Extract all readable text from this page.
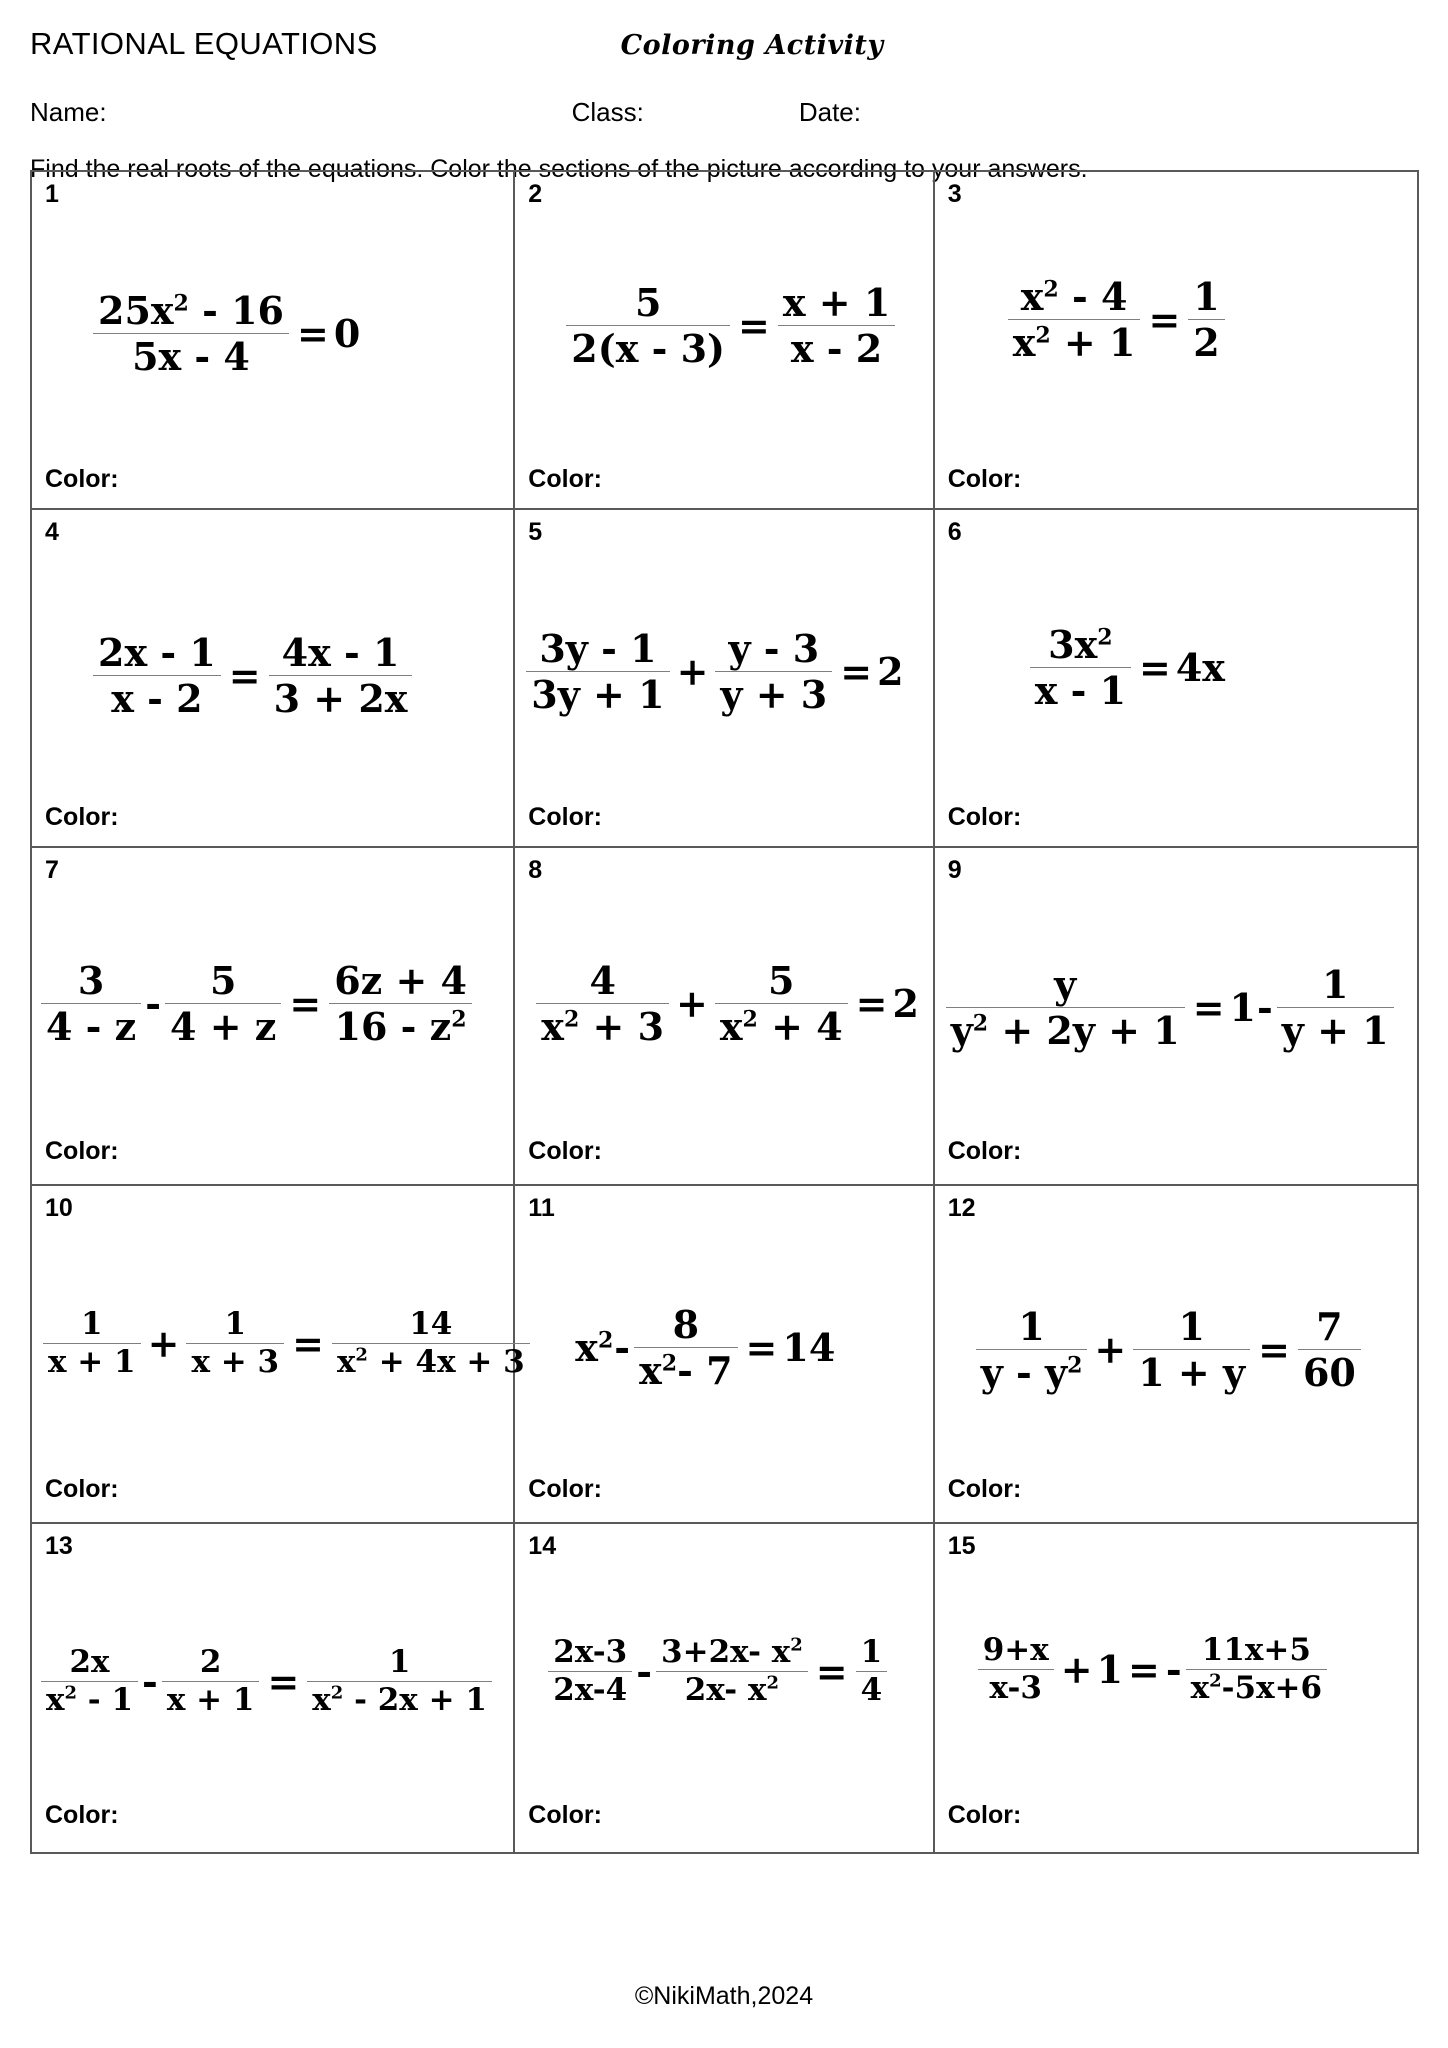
RATIONAL EQUATIONS	Coloring Activity
Name:	Class:	Date:
Find the real roots of the equations. Color the sections of the picture according to your answers.
1
$\frac{25x^2 - 16}{5x - 4} = 0$
Color:
2
$\frac{5}{2(x - 3)} = \frac{x + 1}{x - 2}$
Color:
3
$\frac{x^2 - 4}{x^2 + 1} = \frac{1}{2}$
Color:
4
$\frac{2x - 1}{x - 2} = \frac{4x - 1}{3 + 2x}$
Color:
5
$\frac{3y - 1}{3y + 1} + \frac{y - 3}{y + 3} = 2$
Color:
6
$\frac{3x^2}{x - 1} = 4x$
Color:
7
$\frac{3}{4 - z} - \frac{5}{4 + z} = \frac{6z + 4}{16 - z^2}$
Color:
8
$\frac{4}{x^2 + 3} + \frac{5}{x^2 + 4} = 2$
Color:
9
$\frac{y}{y^2 + 2y + 1} = 1 - \frac{1}{y + 1}$
Color:
10
$\frac{1}{x + 1} + \frac{1}{x + 3} = \frac{14}{x^2 + 4x + 3}$
Color:
11
$x^2 - \frac{8}{x^2- 7} = 14$
Color:
12
$\frac{1}{y - y^2} + \frac{1}{1 + y} = \frac{7}{60}$
Color:
13
$\frac{2x}{x^2 - 1} - \frac{2}{x + 1} = \frac{1}{x^2 - 2x + 1}$
Color:
14
$\frac{2x-3}{2x-4} - \frac{3+2x- x^2}{2x- x^2} = \frac{1}{4}$
Color:
15
$\frac{9+x}{x-3} + 1$ = - $\frac{11x+5}{x^2-5x+6}$
Color:
©NikiMath,2024
